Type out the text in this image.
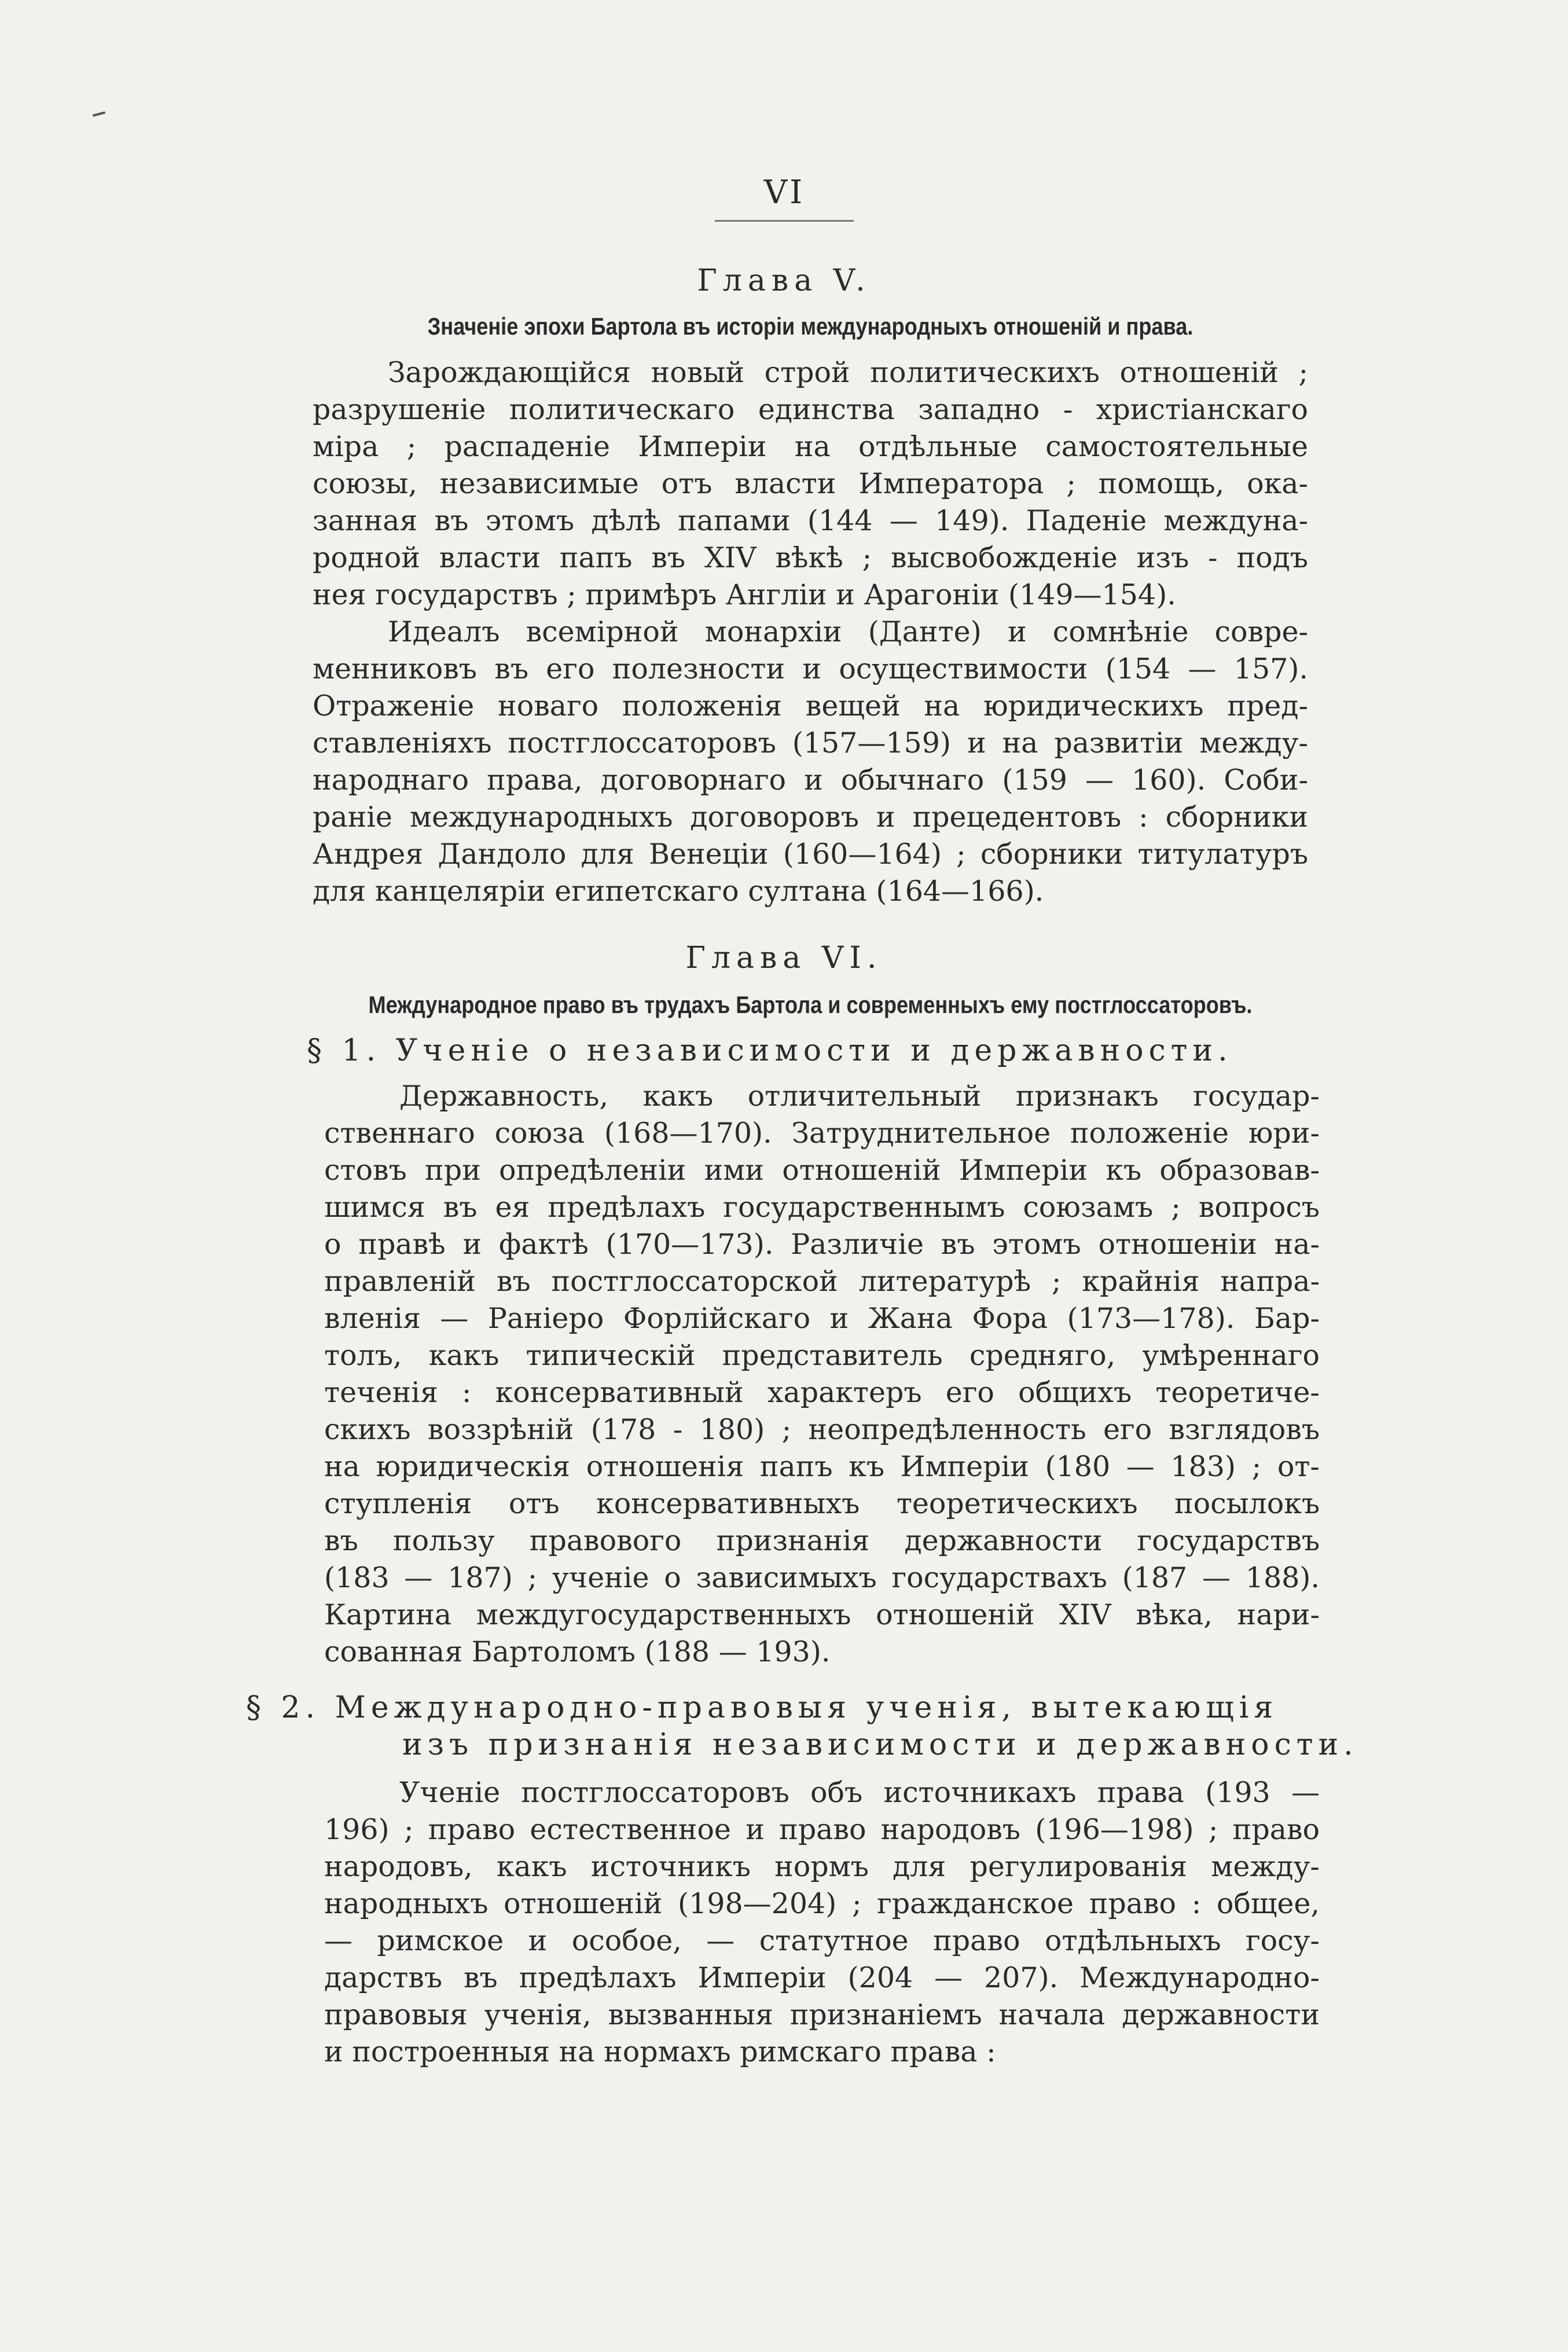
VI
Глава V.
Значенiе эпохи Бартола въ исторiи международныхъ отношенiй и права.
Зарождающiйся новый строй политическихъ отношенiй ;
разрушенiе политическаго единства западно - христiанскаго
мiра ; распаденiе Имперiи на отдѣльные самостоятельные
союзы, независимые отъ власти Императора ; помощь, ока-
занная въ этомъ дѣлѣ папами (144 — 149). Паденiе междуна-
родной власти папъ въ XIV вѣкѣ ; высвобожденiе изъ - подъ
нея государствъ ; примѣръ Англiи и Арагонiи (149—154).
Идеалъ всемiрной монархiи (Данте) и сомнѣнiе совре-
менниковъ въ его полезности и осуществимости (154 — 157).
Отраженiе новаго положенiя вещей на юридическихъ пред-
ставленiяхъ постглоссаторовъ (157—159) и на развитiи между-
народнаго права, договорнаго и обычнаго (159 — 160). Соби-
ранiе международныхъ договоровъ и прецедентовъ : сборники
Андрея Дандоло для Венецiи (160—164) ; сборники титулатуръ
для канцелярiи египетскаго султана (164—166).
Глава VI.
Международное право въ трудахъ Бартола и современныхъ ему постглоссаторовъ.
§ 1. Ученiе о независимости и державности.
Державность, какъ отличительный признакъ государ-
ственнаго союза (168—170). Затруднительное положенiе юри-
стовъ при опредѣленiи ими отношенiй Имперiи къ образовав-
шимся въ ея предѣлахъ государственнымъ союзамъ ; вопросъ
о правѣ и фактѣ (170—173). Различiе въ этомъ отношенiи на-
правленiй въ постглоссаторской литературѣ ; крайнiя напра-
вленiя — Ранiеро Форлiйскаго и Жана Фора (173—178). Бар-
толъ, какъ типическiй представитель средняго, умѣреннаго
теченiя : консервативный характеръ его общихъ теоретиче-
скихъ воззрѣнiй (178 - 180) ; неопредѣленность его взглядовъ
на юридическiя отношенiя папъ къ Имперiи (180 — 183) ; от-
ступленiя отъ консервативныхъ теоретическихъ посылокъ
въ пользу правового признанiя державности государствъ
(183 — 187) ; ученiе о зависимыхъ государствахъ (187 — 188).
Картина междугосударственныхъ отношенiй XIV вѣка, нари-
сованная Бартоломъ (188 — 193).
§ 2. Международно-правовыя ученiя, вытекающiя
изъ признанiя независимости и державности.
Ученiе постглоссаторовъ объ источникахъ права (193 —
196) ; право естественное и право народовъ (196—198) ; право
народовъ, какъ источникъ нормъ для регулированiя между-
народныхъ отношенiй (198—204) ; гражданское право : общее,
— римское и особое, — статутное право отдѣльныхъ госу-
дарствъ въ предѣлахъ Имперiи (204 — 207). Международно-
правовыя ученiя, вызванныя признанiемъ начала державности
и построенныя на нормахъ римскаго права :
